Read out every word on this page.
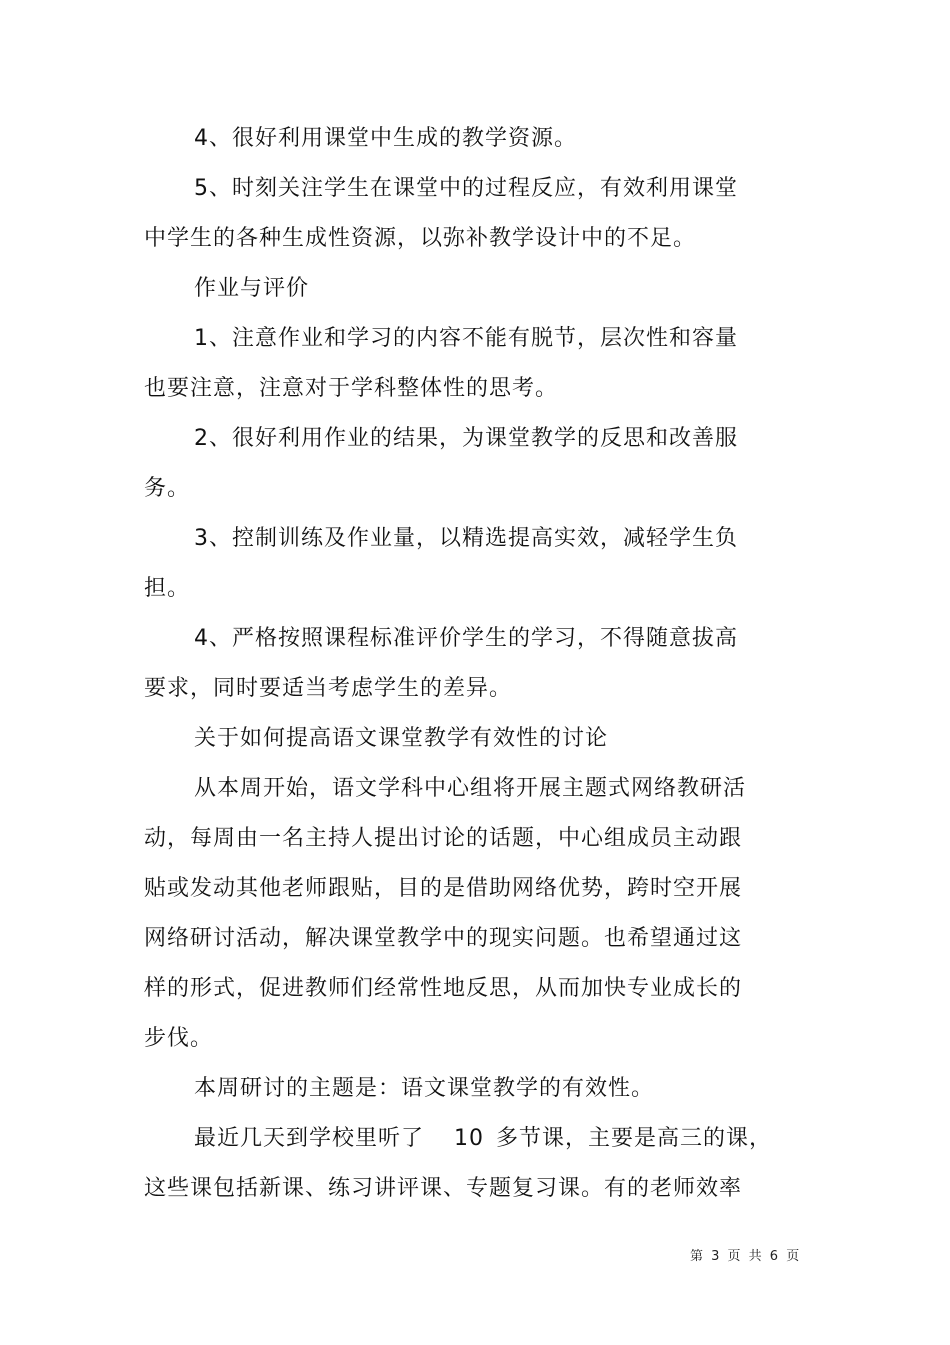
4、很好利用课堂中生成的教学资源。
5、时刻关注学生在课堂中的过程反应，有效利用课堂
中学生的各种生成性资源，以弥补教学设计中的不足。
作业与评价
1、注意作业和学习的内容不能有脱节，层次性和容量
也要注意，注意对于学科整体性的思考。
2、很好利用作业的结果，为课堂教学的反思和改善服
务。
3、控制训练及作业量，以精选提高实效，减轻学生负
担。
4、严格按照课程标准评价学生的学习，不得随意拔高
要求，同时要适当考虑学生的差异。
关于如何提高语文课堂教学有效性的讨论
从本周开始，语文学科中心组将开展主题式网络教研活
动，每周由一名主持人提出讨论的话题，中心组成员主动跟
贴或发动其他老师跟贴，目的是借助网络优势，跨时空开展
网络研讨活动，解决课堂教学中的现实问题。也希望通过这
样的形式，促进教师们经常性地反思，从而加快专业成长的
步伐。
本周研讨的主题是：语文课堂教学的有效性。
最近几天到学校里听了 10 多节课，主要是高三的课，
这些课包括新课、练习讲评课、专题复习课。有的老师效率
第 3 页 共 6 页
